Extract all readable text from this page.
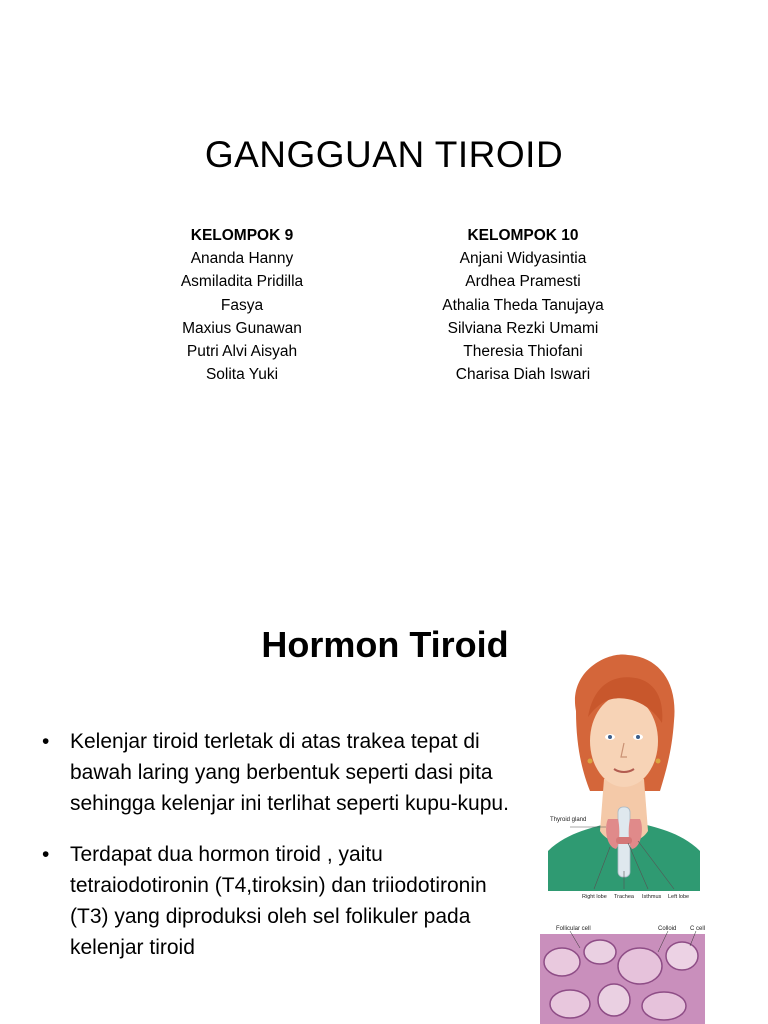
GANGGUAN TIROID
KELOMPOK 9
Ananda Hanny
Asmiladita Pridilla
Fasya
Maxius Gunawan
Putri Alvi Aisyah
Solita Yuki
KELOMPOK 10
Anjani Widyasintia
Ardhea Pramesti
Athalia Theda Tanujaya
Silviana Rezki Umami
Theresia Thiofani
Charisa Diah Iswari
Hormon Tiroid
• Kelenjar tiroid terletak di atas trakea tepat di bawah laring yang berbentuk seperti dasi pita sehingga kelenjar ini terlihat seperti kupu-kupu.
• Terdapat dua hormon tiroid , yaitu tetraiodotironin (T4,tiroksin) dan triiodotironin (T3) yang diproduksi oleh sel folikuler pada kelenjar tiroid
Thyroid gland
Right lobe Trachea Isthmus Left lobe
Follicular cell	Colloid C cell
